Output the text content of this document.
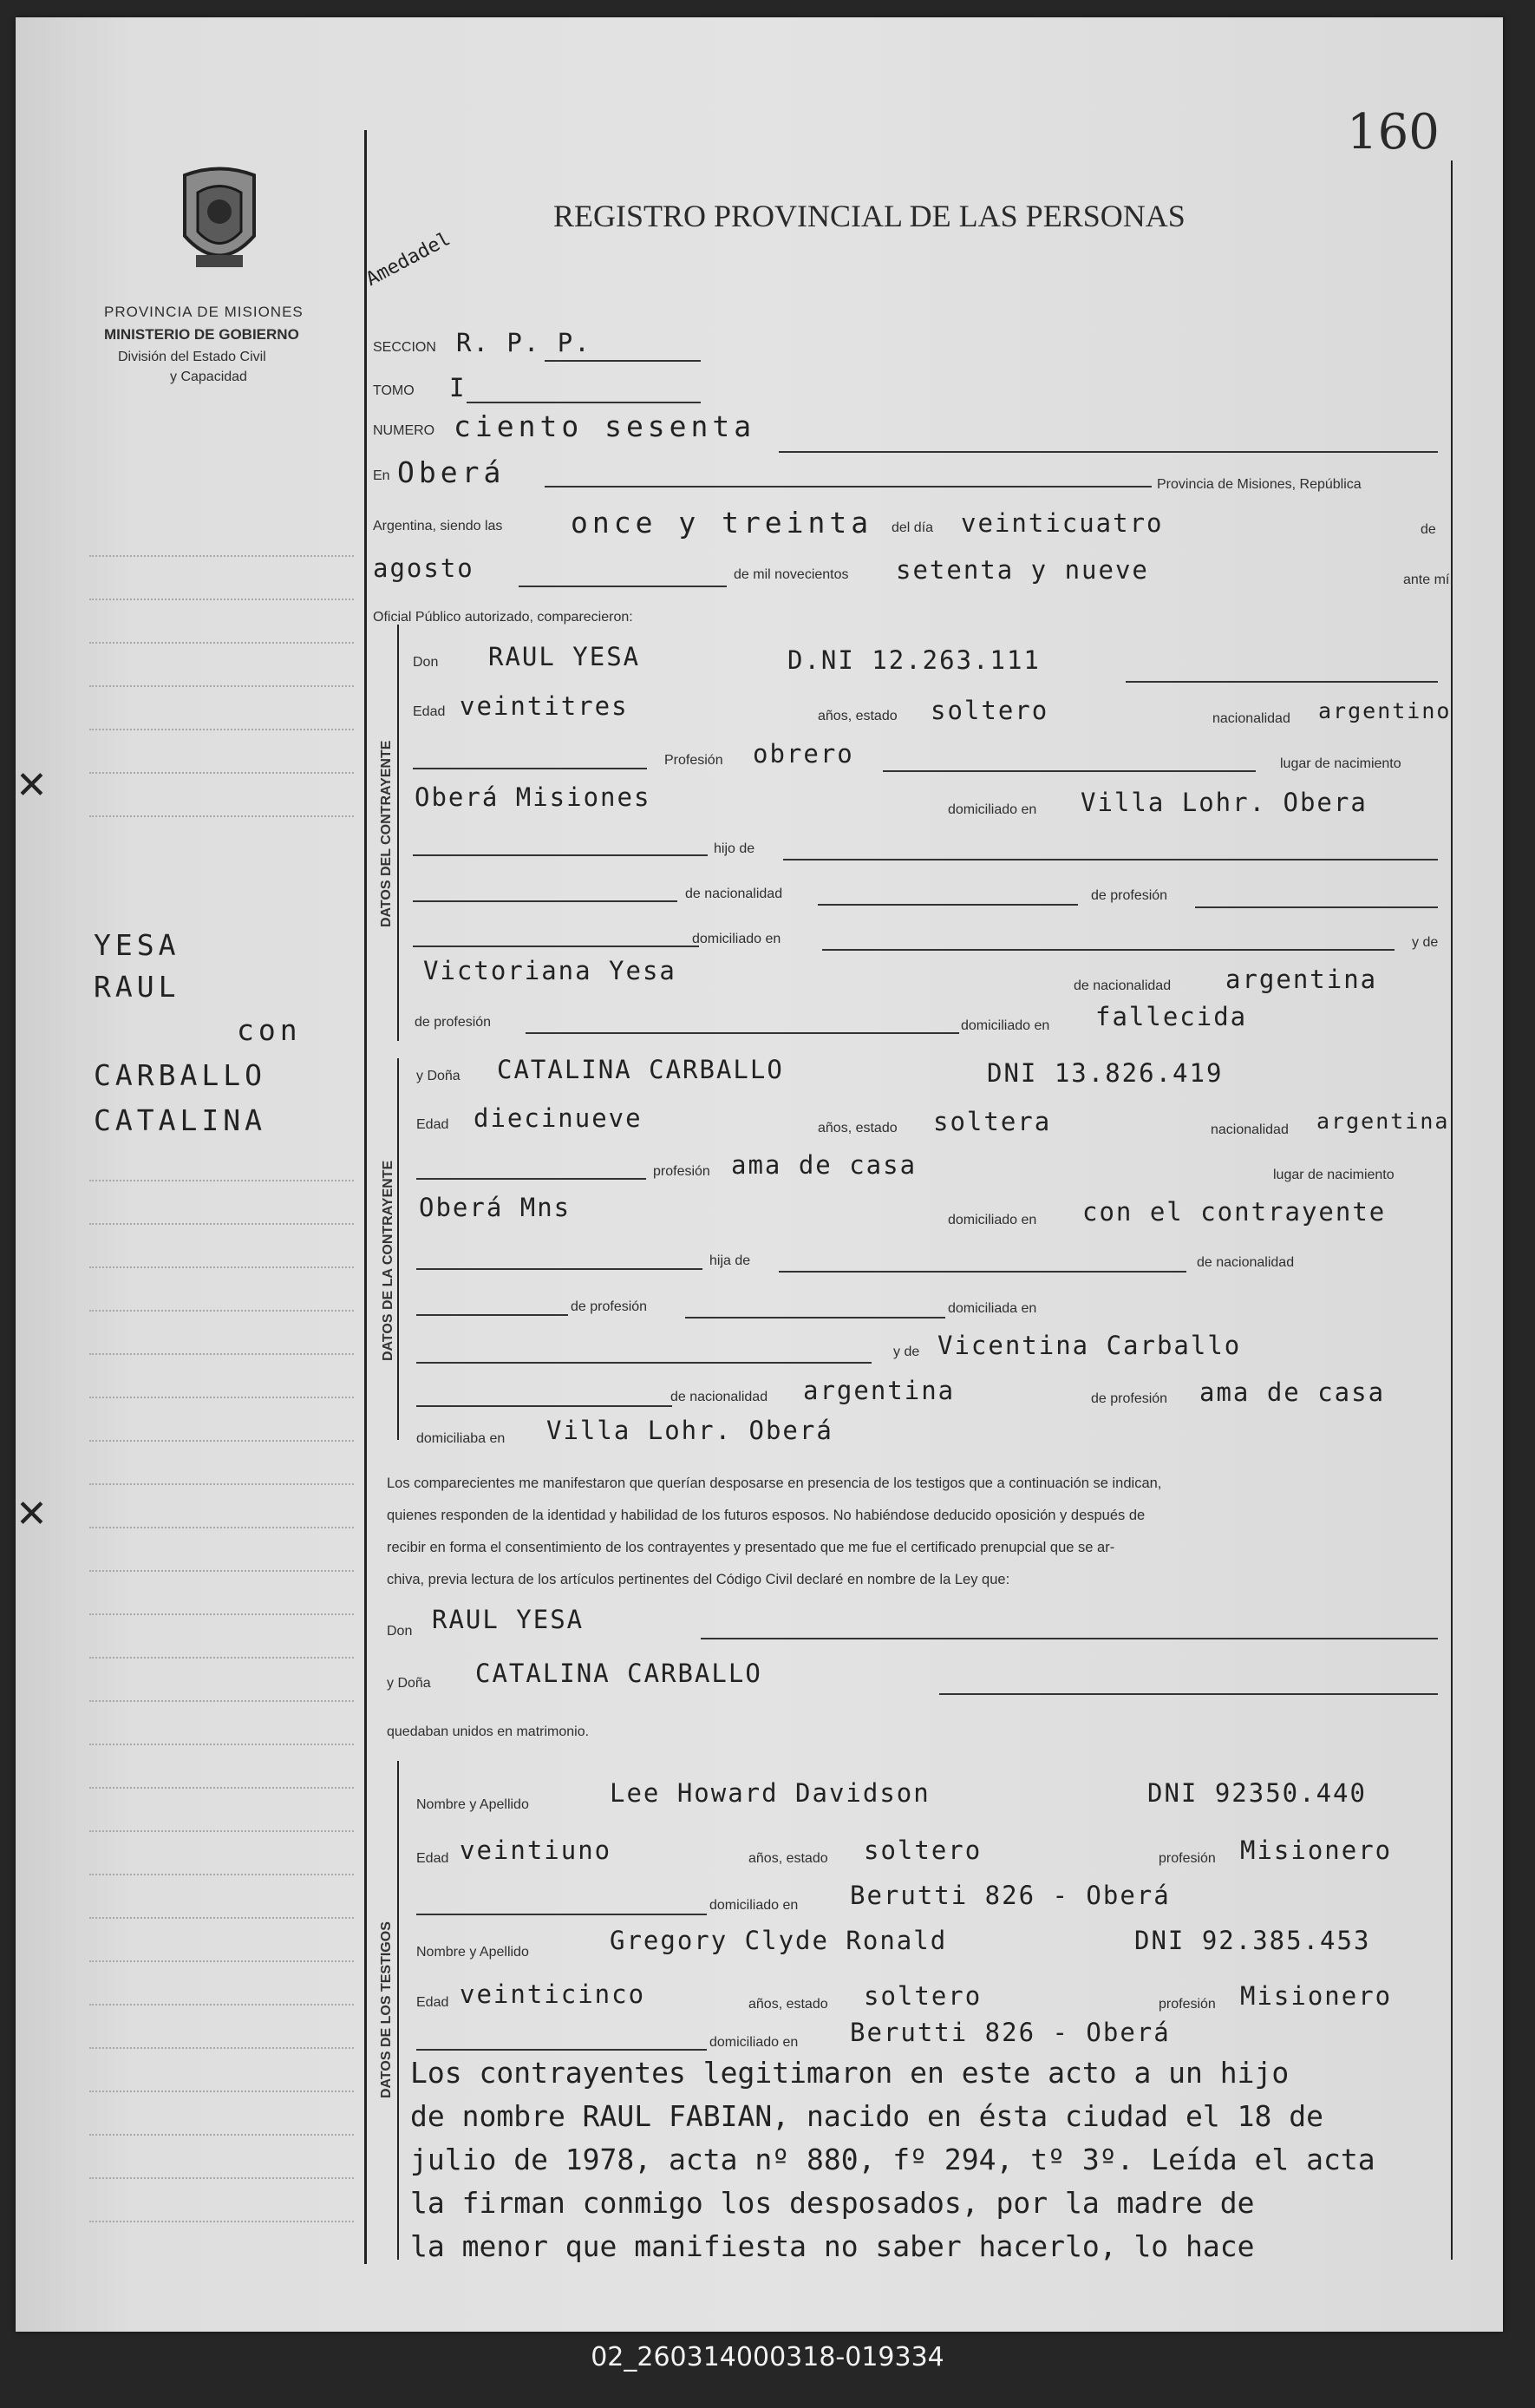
✕
✕
PROVINCIA DE MISIONES
MINISTERIO DE GOBIERNO
División del Estado Civil
y Capacidad
160
REGISTRO PROVINCIAL DE LAS PERSONAS
Amedadel
YESA
RAUL
con
CARBALLO
CATALINA
SECCION R. P. P.
TOMO I
NUMERO ciento sesenta
En Oberá	Provincia de Misiones, República
Argentina, siendo las once y treinta del día veinticuatro	de
agosto	de mil novecientos setenta y nueve	ante mí,
Oficial Público autorizado, comparecieron:
DATOS DEL CONTRAYENTE
Don RAUL YESA	D.NI 12.263.111
Edad veintitres	años, estado soltero	nacionalidad argentino
Profesión obrero	lugar de nacimiento
Oberá Misiones	domiciliado en Villa Lohr. Obera
hijo de
de nacionalidad	de profesión
domiciliado en	y de
Victoriana Yesa
de nacionalidad argentina
de profesión	domiciliado en fallecida
DATOS DE LA CONTRAYENTE
y Doña CATALINA CARBALLO	DNI 13.826.419
Edad diecinueve	años, estado soltera	nacionalidad argentina
profesión ama de casa	lugar de nacimiento
Oberá Mns	domiciliado en con el contrayente
hija de	de nacionalidad
de profesión	domiciliada en
y de Vicentina Carballo
de nacionalidad argentina	de profesión ama de casa
domiciliaba en Villa Lohr. Oberá
Los comparecientes me manifestaron que querían desposarse en presencia de los testigos que a continuación se indican,
quienes responden de la identidad y habilidad de los futuros esposos. No habiéndose deducido oposición y después de
recibir en forma el consentimiento de los contrayentes y presentado que me fue el certificado prenupcial que se ar-
chiva, previa lectura de los artículos pertinentes del Código Civil declaré en nombre de la Ley que:
Don RAUL YESA
y Doña CATALINA CARBALLO
quedaban unidos en matrimonio.
DATOS DE LOS TESTIGOS
Nombre y Apellido	Lee Howard Davidson	DNI 92350.440
Edad veintiuno	años, estado soltero	profesión Misionero
domiciliado en Berutti 826 - Oberá
Nombre y Apellido	Gregory Clyde Ronald	DNI 92.385.453
Edad veinticinco	años, estado soltero	profesión Misionero
domiciliado en Berutti 826 - Oberá
Los contrayentes legitimaron en este acto a un hijo
de nombre RAUL FABIAN, nacido en ésta ciudad el 18 de
julio de 1978, acta nº 880, fº 294, tº 3º. Leída el acta
la firman conmigo los desposados, por la madre de
la menor que manifiesta no saber hacerlo, lo hace
02_260314000318-019334
